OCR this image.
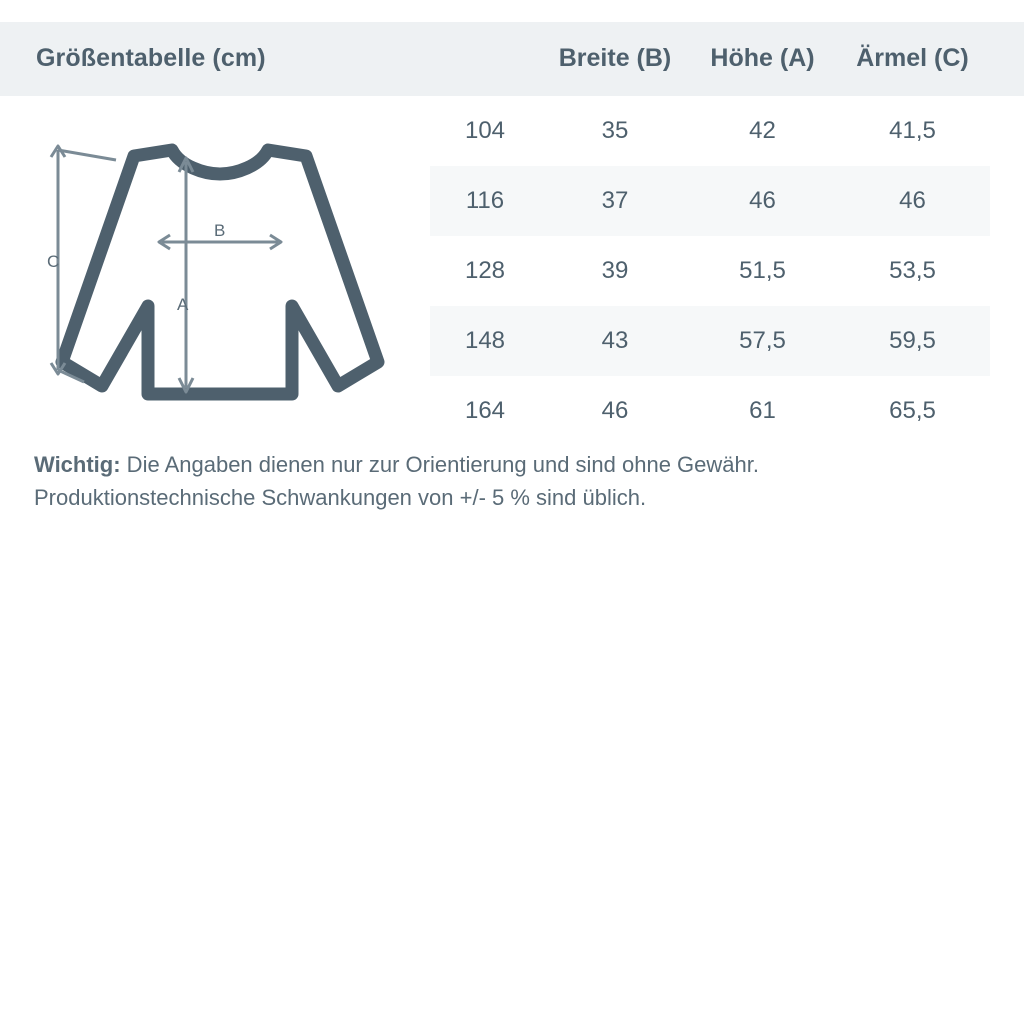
Größentabelle (cm)	Breite (B)	Höhe (A)	Ärmel (C)
104	35	42	41,5
116	37	46	46
128	39	51,5	53,5
148	43	57,5	59,5
164	46	61	65,5
C
B
A
Wichtig: Die Angaben dienen nur zur Orientierung und sind ohne Gewähr.
Produktionstechnische Schwankungen von +/- 5 % sind üblich.
